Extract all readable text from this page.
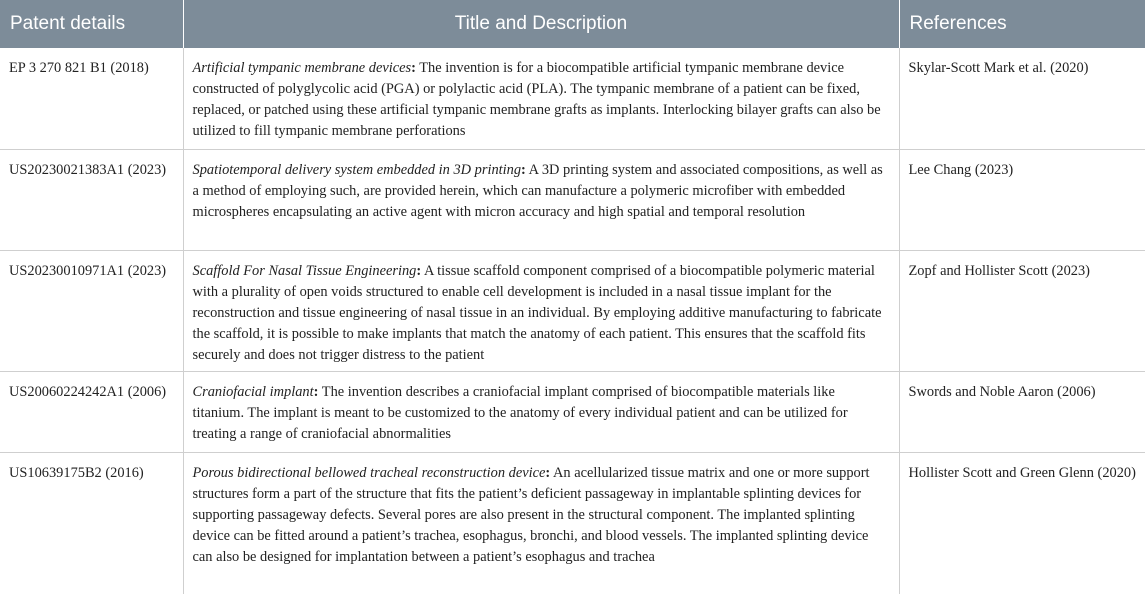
Patent details	Title and Description	References
EP 3 270 821 B1 (2018)	Artificial tympanic membrane devices: The invention is for a biocompatible artificial tympanic membrane device constructed of polyglycolic acid (PGA) or polylactic acid (PLA). The tympanic membrane of a patient can be fixed, replaced, or patched using these artificial tympanic membrane grafts as implants. Interlocking bilayer grafts can also be utilized to fill tympanic membrane perforations	Skylar-Scott Mark et al. (2020)
US20230021383A1 (2023)	Spatiotemporal delivery system embedded in 3D printing: A 3D printing system and associated compositions, as well as a method of employing such, are provided herein, which can manufacture a polymeric microfiber with embedded microspheres encapsulating an active agent with micron accuracy and high spatial and temporal resolution	Lee Chang (2023)
US20230010971A1 (2023)	Scaffold For Nasal Tissue Engineering: A tissue scaffold component comprised of a biocompatible polymeric material with a plurality of open voids structured to enable cell development is included in a nasal tissue implant for the reconstruction and tissue engineering of nasal tissue in an individual. By employing additive manufacturing to fabricate the scaffold, it is possible to make implants that match the anatomy of each patient. This ensures that the scaffold fits securely and does not trigger distress to the patient	Zopf and Hollister Scott (2023)
US20060224242A1 (2006)	Craniofacial implant: The invention describes a craniofacial implant comprised of biocompatible materials like titanium. The implant is meant to be customized to the anatomy of every individual patient and can be utilized for treating a range of craniofacial abnormalities	Swords and Noble Aaron (2006)
US10639175B2 (2016)	Porous bidirectional bellowed tracheal reconstruction device: An acellularized tissue matrix and one or more support structures form a part of the structure that fits the patient’s deficient passageway in implantable splinting devices for supporting passageway defects. Several pores are also present in the structural component. The implanted splinting device can be fitted around a patient’s trachea, esophagus, bronchi, and blood vessels. The implanted splinting device can also be designed for implantation between a patient’s esophagus and trachea	Hollister Scott and Green Glenn (2020)
